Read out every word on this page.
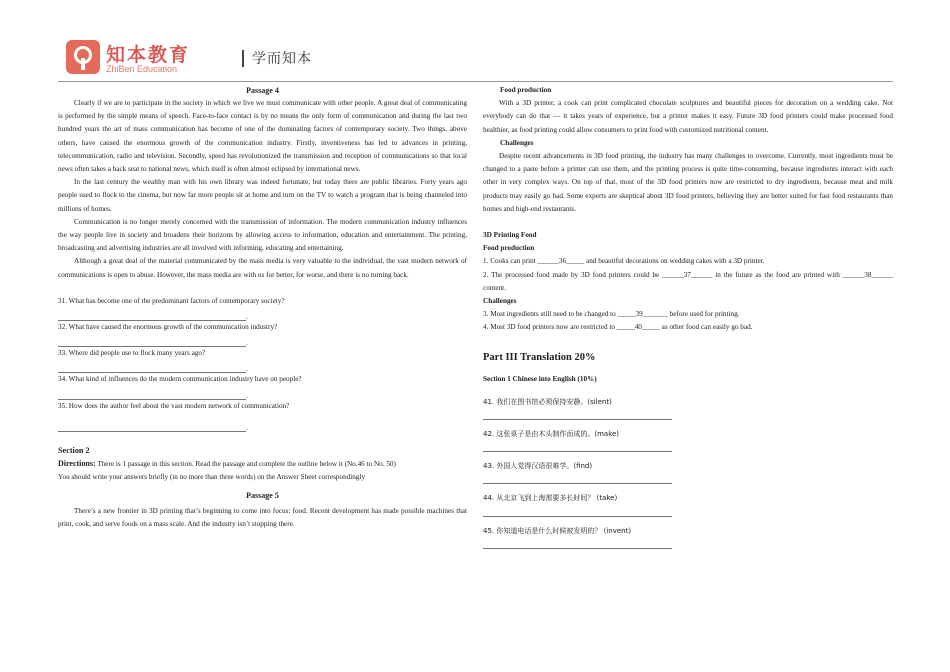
知本教育
ZhiBen Education
学而知本
Passage 4

Clearly if we are to participate in the society in which we live we must communicate with other people. A great deal of communicating is performed by the simple means of speech. Face-to-face contact is by no means the only form of communication and during the last two hundred years the art of mass communication has become of one of the dominating factors of contemporary society. Two things, above others, have caused the enormous growth of the communication industry. Firstly, inventiveness has led to advances in printing, telecommunication, radio and television. Secondly, speed has revolutionized the transmission and reception of communications so that local news often takes a back seat to national news, which itself is often almost eclipsed by international news.

In the last century the wealthy man with his own library was indeed fortunate, but today there are public libraries. Forty years ago people used to flock to the cinema, but now far more people sit at home and turn on the TV to watch a program that is being channeled into millions of homes.

Communication is no longer merely concerned with the transmission of information. The modern communication industry influences the way people live in society and broadens their horizons by allowing access to information, education and entertainment. The printing, broadcasting and advertising industries are all involved with informing, educating and entertaining.

Although a great deal of the material communicated by the mass media is very valuable to the individual, the vast modern network of communications is open to abuse. However, the mass media are with us for better, for worse, and there is no turning back.

31. What has become one of the predominant factors of contemporary society?
.
32. What have caused the enormous growth of the communication industry?
.
33. Where did people use to flock many years ago?
.
34. What kind of influences do the modern communication industry have on people?
.
35. How does the author feel about the vast modern network of communication?
.
Section 2
Directions: There is 1 passage in this section. Read the passage and complete the outline below it (No.46 to No. 50)
You should write your answers briefly (in no more than three words) on the Answer Sheet correspondingly
Passage 5

There’s a new frontier in 3D printing that’s beginning to come into focus: food. Recent development has made possible machines that print, cook, and serve foods on a mass scale. And the industry isn’t stopping there.

Food production

With a 3D printer, a cook can print complicated chocolate sculptures and beautiful pieces for decoration on a wedding cake. Not everybody can do that — it takes years of experience, but a printer makes it easy. Future 3D food printers could make processed food healthier, as food printing could allow consumers to print food with customized nutritional content.

Challenges

Despite recent advancements in 3D food printing, the industry has many challenges to overcome. Currently, most ingredients must be changed to a paste before a printer can use them, and the printing process is quite time-consuming, because ingredients interact with each other in very complex ways. On top of that, most of the 3D food printers now are restricted to dry ingredients, because meat and milk products may easily go bad. Some experts are skeptical about 3D food printers, believing they are better suited for fast food restaurants than homes and high-end restaurants.

3D Printing Food
Food production
1. Cooks can print ______36_____ and beautiful decorations on wedding cakes with a 3D printer.

2. The processed food made by 3D food printers could be ______37______ in the future as the food are printed with ______38______ content.

Challenges
3. Most ingredients still need to be changed to _____39_______ before used for printing.
4. Most 3D food printers now are restricted to _____40_____ as other food can easily go bad.
Part III Translation 20%
Section 1 Chinese into English (10%)
41. 我们在图书馆必须保持安静。(silent)
42. 这张桌子是由木头制作而成的。(make)
43. 外国人觉得汉语很难学。(find)
44. 从北京飞到上海需要多长时间？ (take)
45. 你知道电话是什么时候被发明的？ (invent)
